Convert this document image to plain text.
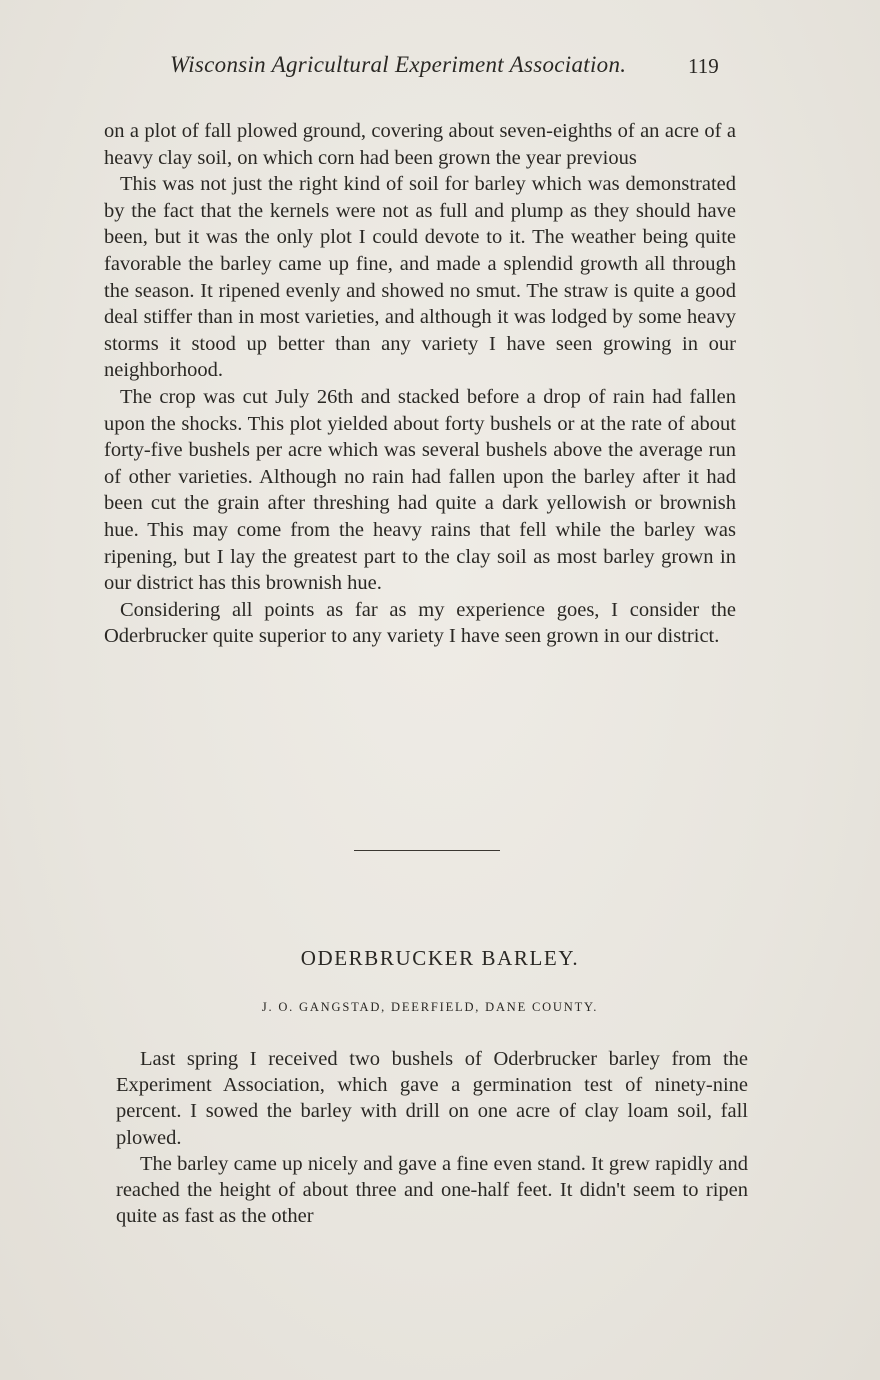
Wisconsin Agricultural Experiment Association.	119

on a plot of fall plowed ground, covering about seven-eighths of an acre of a heavy clay soil, on which corn had been grown the year previous

This was not just the right kind of soil for barley which was demonstrated by the fact that the kernels were not as full and plump as they should have been, but it was the only plot I could devote to it. The weather being quite favorable the barley came up fine, and made a splendid growth all through the season. It ripened evenly and showed no smut. The straw is quite a good deal stiffer than in most varieties, and although it was lodged by some heavy storms it stood up better than any variety I have seen growing in our neighborhood.

The crop was cut July 26th and stacked before a drop of rain had fallen upon the shocks. This plot yielded about forty bushels or at the rate of about forty-five bushels per acre which was several bushels above the average run of other varieties. Although no rain had fallen upon the barley after it had been cut the grain after threshing had quite a dark yellowish or brownish hue. This may come from the heavy rains that fell while the barley was ripening, but I lay the greatest part to the clay soil as most barley grown in our district has this brownish hue.

Considering all points as far as my experience goes, I consider the Oderbrucker quite superior to any variety I have seen grown in our district.

ODERBRUCKER BARLEY.
J. O. GANGSTAD, DEERFIELD, DANE COUNTY.

Last spring I received two bushels of Oderbrucker barley from the Experiment Association, which gave a germination test of ninety-nine percent. I sowed the barley with drill on one acre of clay loam soil, fall plowed.

The barley came up nicely and gave a fine even stand. It grew rapidly and reached the height of about three and one-half feet. It didn't seem to ripen quite as fast as the other
